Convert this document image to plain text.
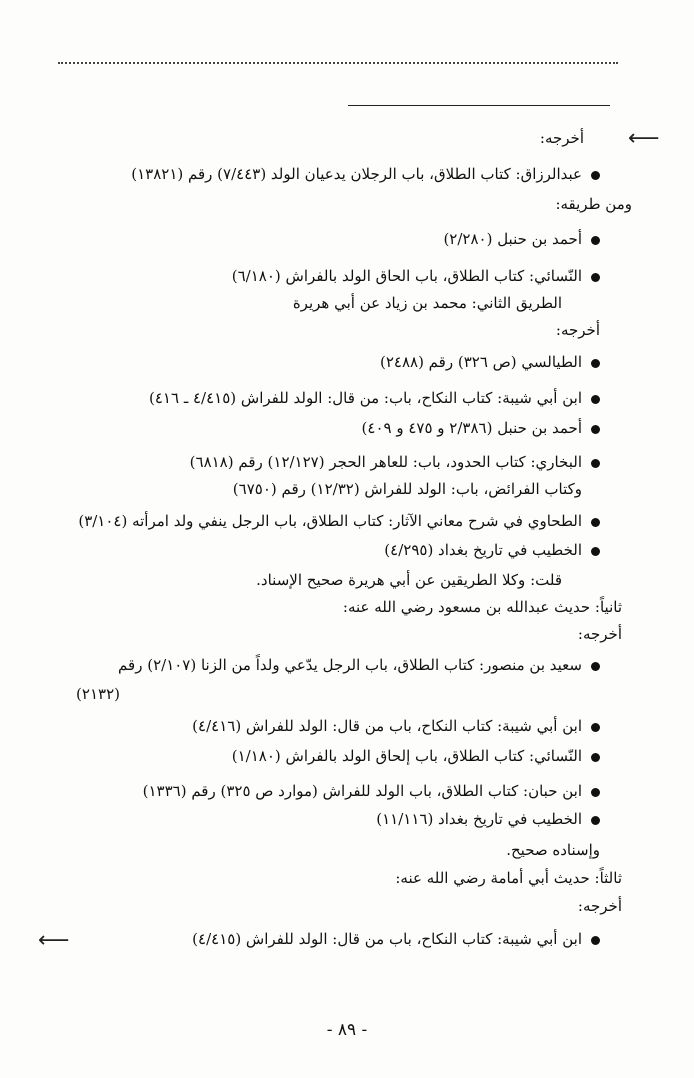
⟵
⟵
أخرجه:
عبدالرزاق: كتاب الطلاق، باب الرجلان يدعيان الولد (٧/٤٤٣) رقم (١٣٨٢١)
ومن طريقه:
أحمد بن حنبل (٢/٢٨٠)
النّسائي: كتاب الطلاق، باب الحاق الولد بالفراش (٦/١٨٠)
الطريق الثاني: محمد بن زياد عن أبي هريرة
أخرجه:
الطيالسي (ص ٣٢٦) رقم (٢٤٨٨)
ابن أبي شيبة: كتاب النكاح، باب: من قال: الولد للفراش (٤/٤١٥ ـ ٤١٦)
أحمد بن حنبل (٢/٣٨٦ و ٤٧٥ و ٤٠٩)
البخاري: كتاب الحدود، باب: للعاهر الحجر (١٢/١٢٧) رقم (٦٨١٨)
وكتاب الفرائض، باب: الولد للفراش (١٢/٣٢) رقم (٦٧٥٠)
الطحاوي في شرح معاني الآثار: كتاب الطلاق، باب الرجل ينفي ولد امرأته (٣/١٠٤)
الخطيب في تاريخ بغداد (٤/٢٩٥)
قلت: وكلا الطريقين عن أبي هريرة صحيح الإسناد.
ثانياً: حديث عبدالله بن مسعود رضي الله عنه:
أخرجه:
سعيد بن منصور: كتاب الطلاق، باب الرجل يدّعي ولداً من الزنا (٢/١٠٧) رقم
(٢١٣٢)
ابن أبي شيبة: كتاب النكاح، باب من قال: الولد للفراش (٤/٤١٦)
النّسائي: كتاب الطلاق، باب إلحاق الولد بالفراش (١/١٨٠)
ابن حبان: كتاب الطلاق، باب الولد للفراش (موارد ص ٣٢٥) رقم (١٣٣٦)
الخطيب في تاريخ بغداد (١١/١١٦)
وإسناده صحيح.
ثالثاً: حديث أبي أمامة رضي الله عنه:
أخرجه:
ابن أبي شيبة: كتاب النكاح، باب من قال: الولد للفراش (٤/٤١٥)
- ٨٩ -
